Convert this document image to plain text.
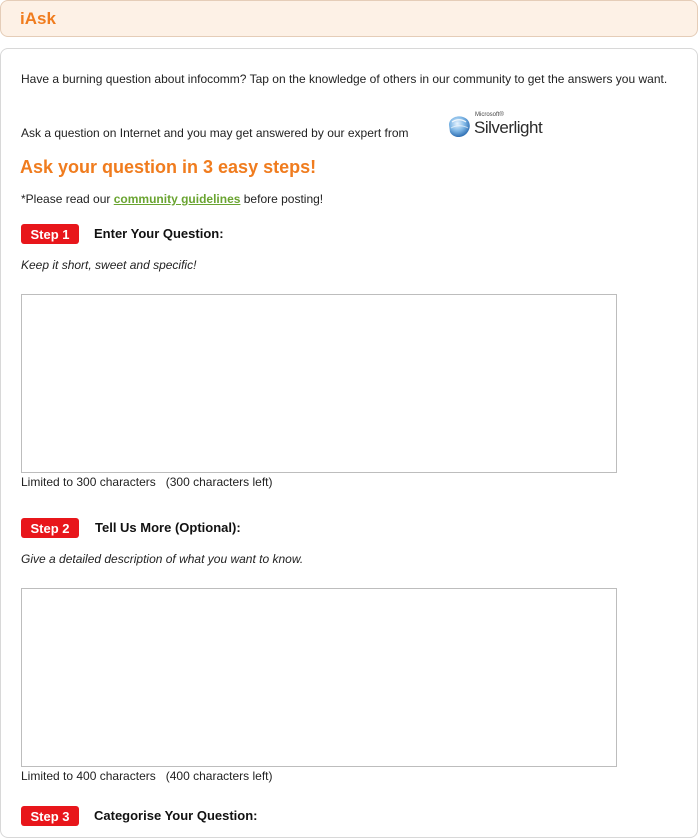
iAsk
Have a burning question about infocomm? Tap on the knowledge of others in our community to get the answers you want.
Ask a question on Internet and you may get answered by our expert from
Microsoft®
Silverlight
Ask your question in 3 easy steps!
*Please read our community guidelines before posting!
Step 1	Enter Your Question:
Keep it short, sweet and specific!
Limited to 300 characters (300 characters left)
Step 2	Tell Us More (Optional):
Give a detailed description of what you want to know.
Limited to 400 characters (400 characters left)
Step 3	Categorise Your Question:
